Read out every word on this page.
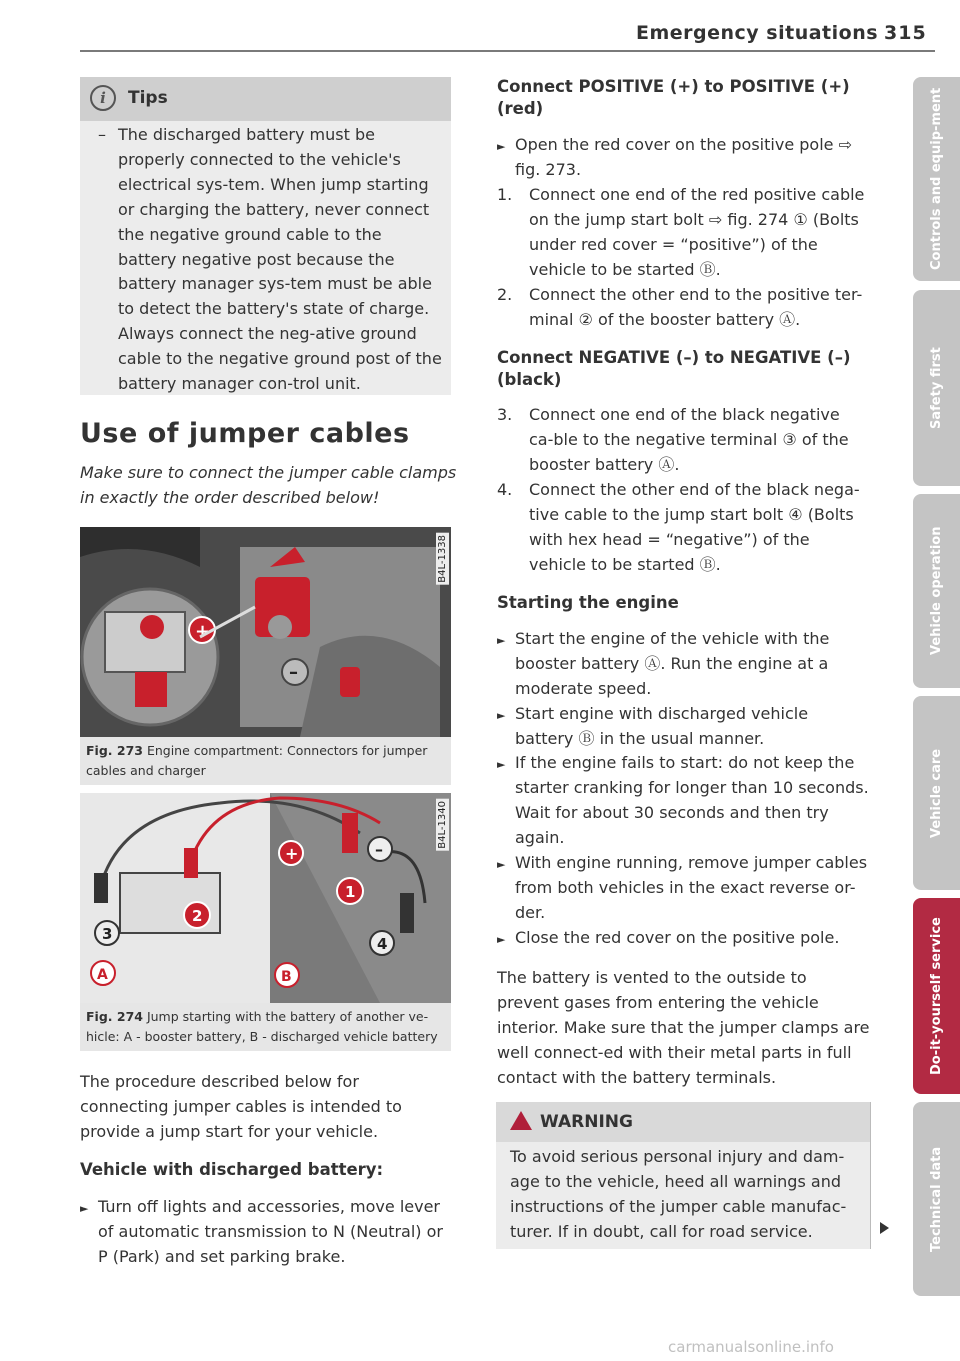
Emergency situations 315
i	Tips
– The discharged battery must be properly connected to the vehicle's electrical sys-tem. When jump starting or charging the battery, never connect the negative ground cable to the battery negative post because the battery manager sys-tem must be able to detect the battery's state of charge. Always connect the neg-ative ground cable to the negative ground post of the battery manager con-trol unit.
Use of jumper cables
Make sure to connect the jumper cable clamps in exactly the order described below!
–
+
B4L-1338
Fig. 273 Engine compartment: Connectors for jumper cables and charger
+	–
1
2
3
4
A	B
B4L-1340
Fig. 274 Jump starting with the battery of another ve-hicle: A - booster battery, B - discharged vehicle battery
The procedure described below for connecting jumper cables is intended to provide a jump start for your vehicle.
Vehicle with discharged battery:
► Turn off lights and accessories, move lever of automatic transmission to N (Neutral) or P (Park) and set parking brake.
Connect POSITIVE (+) to POSITIVE (+) (red)
► Open the red cover on the positive pole ⇨ fig. 273.
1.	Connect one end of the red positive cable on the jump start bolt ⇨ fig. 274 ① (Bolts under red cover = “positive”) of the vehicle to be started Ⓑ.
2.	Connect the other end to the positive ter-minal ② of the booster battery Ⓐ.
Connect NEGATIVE (–) to NEGATIVE (–) (black)
3.	Connect one end of the black negative ca-ble to the negative terminal ③ of the booster battery Ⓐ.
4.	Connect the other end of the black nega-tive cable to the jump start bolt ④ (Bolts with hex head = “negative”) of the vehicle to be started Ⓑ.
Starting the engine
► Start the engine of the vehicle with the booster battery Ⓐ. Run the engine at a moderate speed.
► Start engine with discharged vehicle battery Ⓑ in the usual manner.
► If the engine fails to start: do not keep the starter cranking for longer than 10 seconds. Wait for about 30 seconds and then try again.
► With engine running, remove jumper cables from both vehicles in the exact reverse or-der.
► Close the red cover on the positive pole.
The battery is vented to the outside to prevent gases from entering the vehicle interior. Make sure that the jumper clamps are well connect-ed with their metal parts in full contact with the battery terminals.
WARNING
To avoid serious personal injury and dam-age to the vehicle, heed all warnings and instructions of the jumper cable manufac-turer. If in doubt, call for road service.
Controls and equip-ment
Safety first
Vehicle operation
Vehicle care
Do-it-yourself service
Technical data
carmanualsonline.info
